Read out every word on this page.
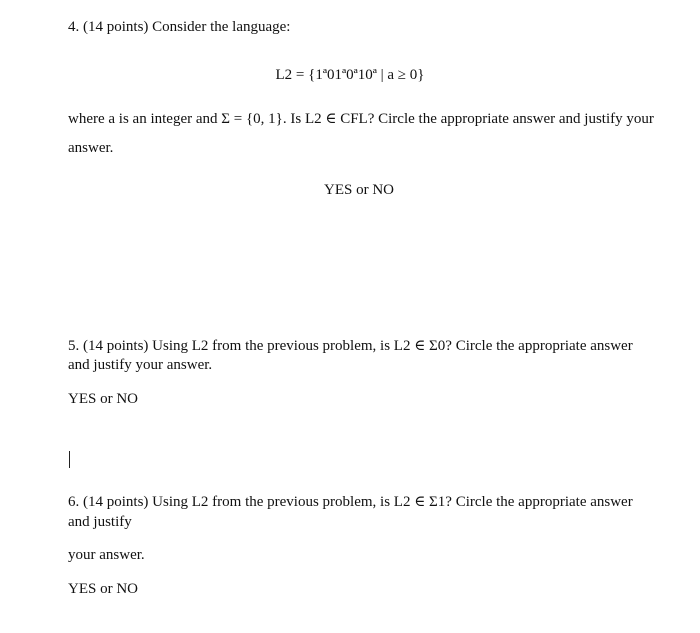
4. (14 points) Consider the language:

L2 = {1ª01ª0ª10ª | a ≥ 0}

where a is an integer and Σ = {0, 1}. Is L2 ∈ CFL? Circle the appropriate answer and justify your

answer.

YES or NO

5. (14 points) Using L2 from the previous problem, is L2 ∈ Σ0? Circle the appropriate answer

and justify your answer.

YES or NO

6. (14 points) Using L2 from the previous problem, is L2 ∈ Σ1? Circle the appropriate answer

and justify

your answer.

YES or NO
